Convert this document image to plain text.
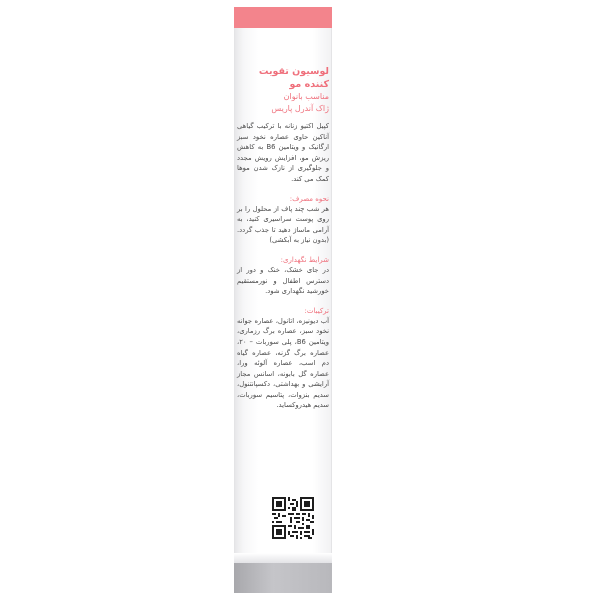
لوسیون تقویت کننده مو

مناسب بانوان

ژاک آندرل پاریس

کپیل اکتیو زنانه با ترکیب گیاهی آناکین حاوی عصاره نخود سبز ارگانیک و ویتامین B6 به کاهش ریزش مو، افزایش رویش مجدد و جلوگیری از نازک شدن موها کمک می کند.

نحوه مصرف:

هر شب چند پاف از محلول را بر روی پوست سراسیری کنید، به آرامی ماساژ دهید تا جذب گردد. (بدون نیاز به آبکشی)

شرایط نگهداری:

در جای خشک، خنک و دور از دسترس اطفال و نورمستقیم خورشید نگهداری شود.

ترکیبات:

آب دیونیزه، اتانول، عصاره جوانه نخود سبز، عصاره برگ رزماری، ویتامین B6، پلی سوربات – ۲۰، عصاره برگ گزنه، عصاره گیاه دم اسب، عصاره آلوئه ورا، عصاره گل بابونه، اسانس مجاز آرایشی و بهداشتی، دکسپانتنول، سدیم بنزوات، پتاسیم سوربات، سدیم هیدروکساید.
